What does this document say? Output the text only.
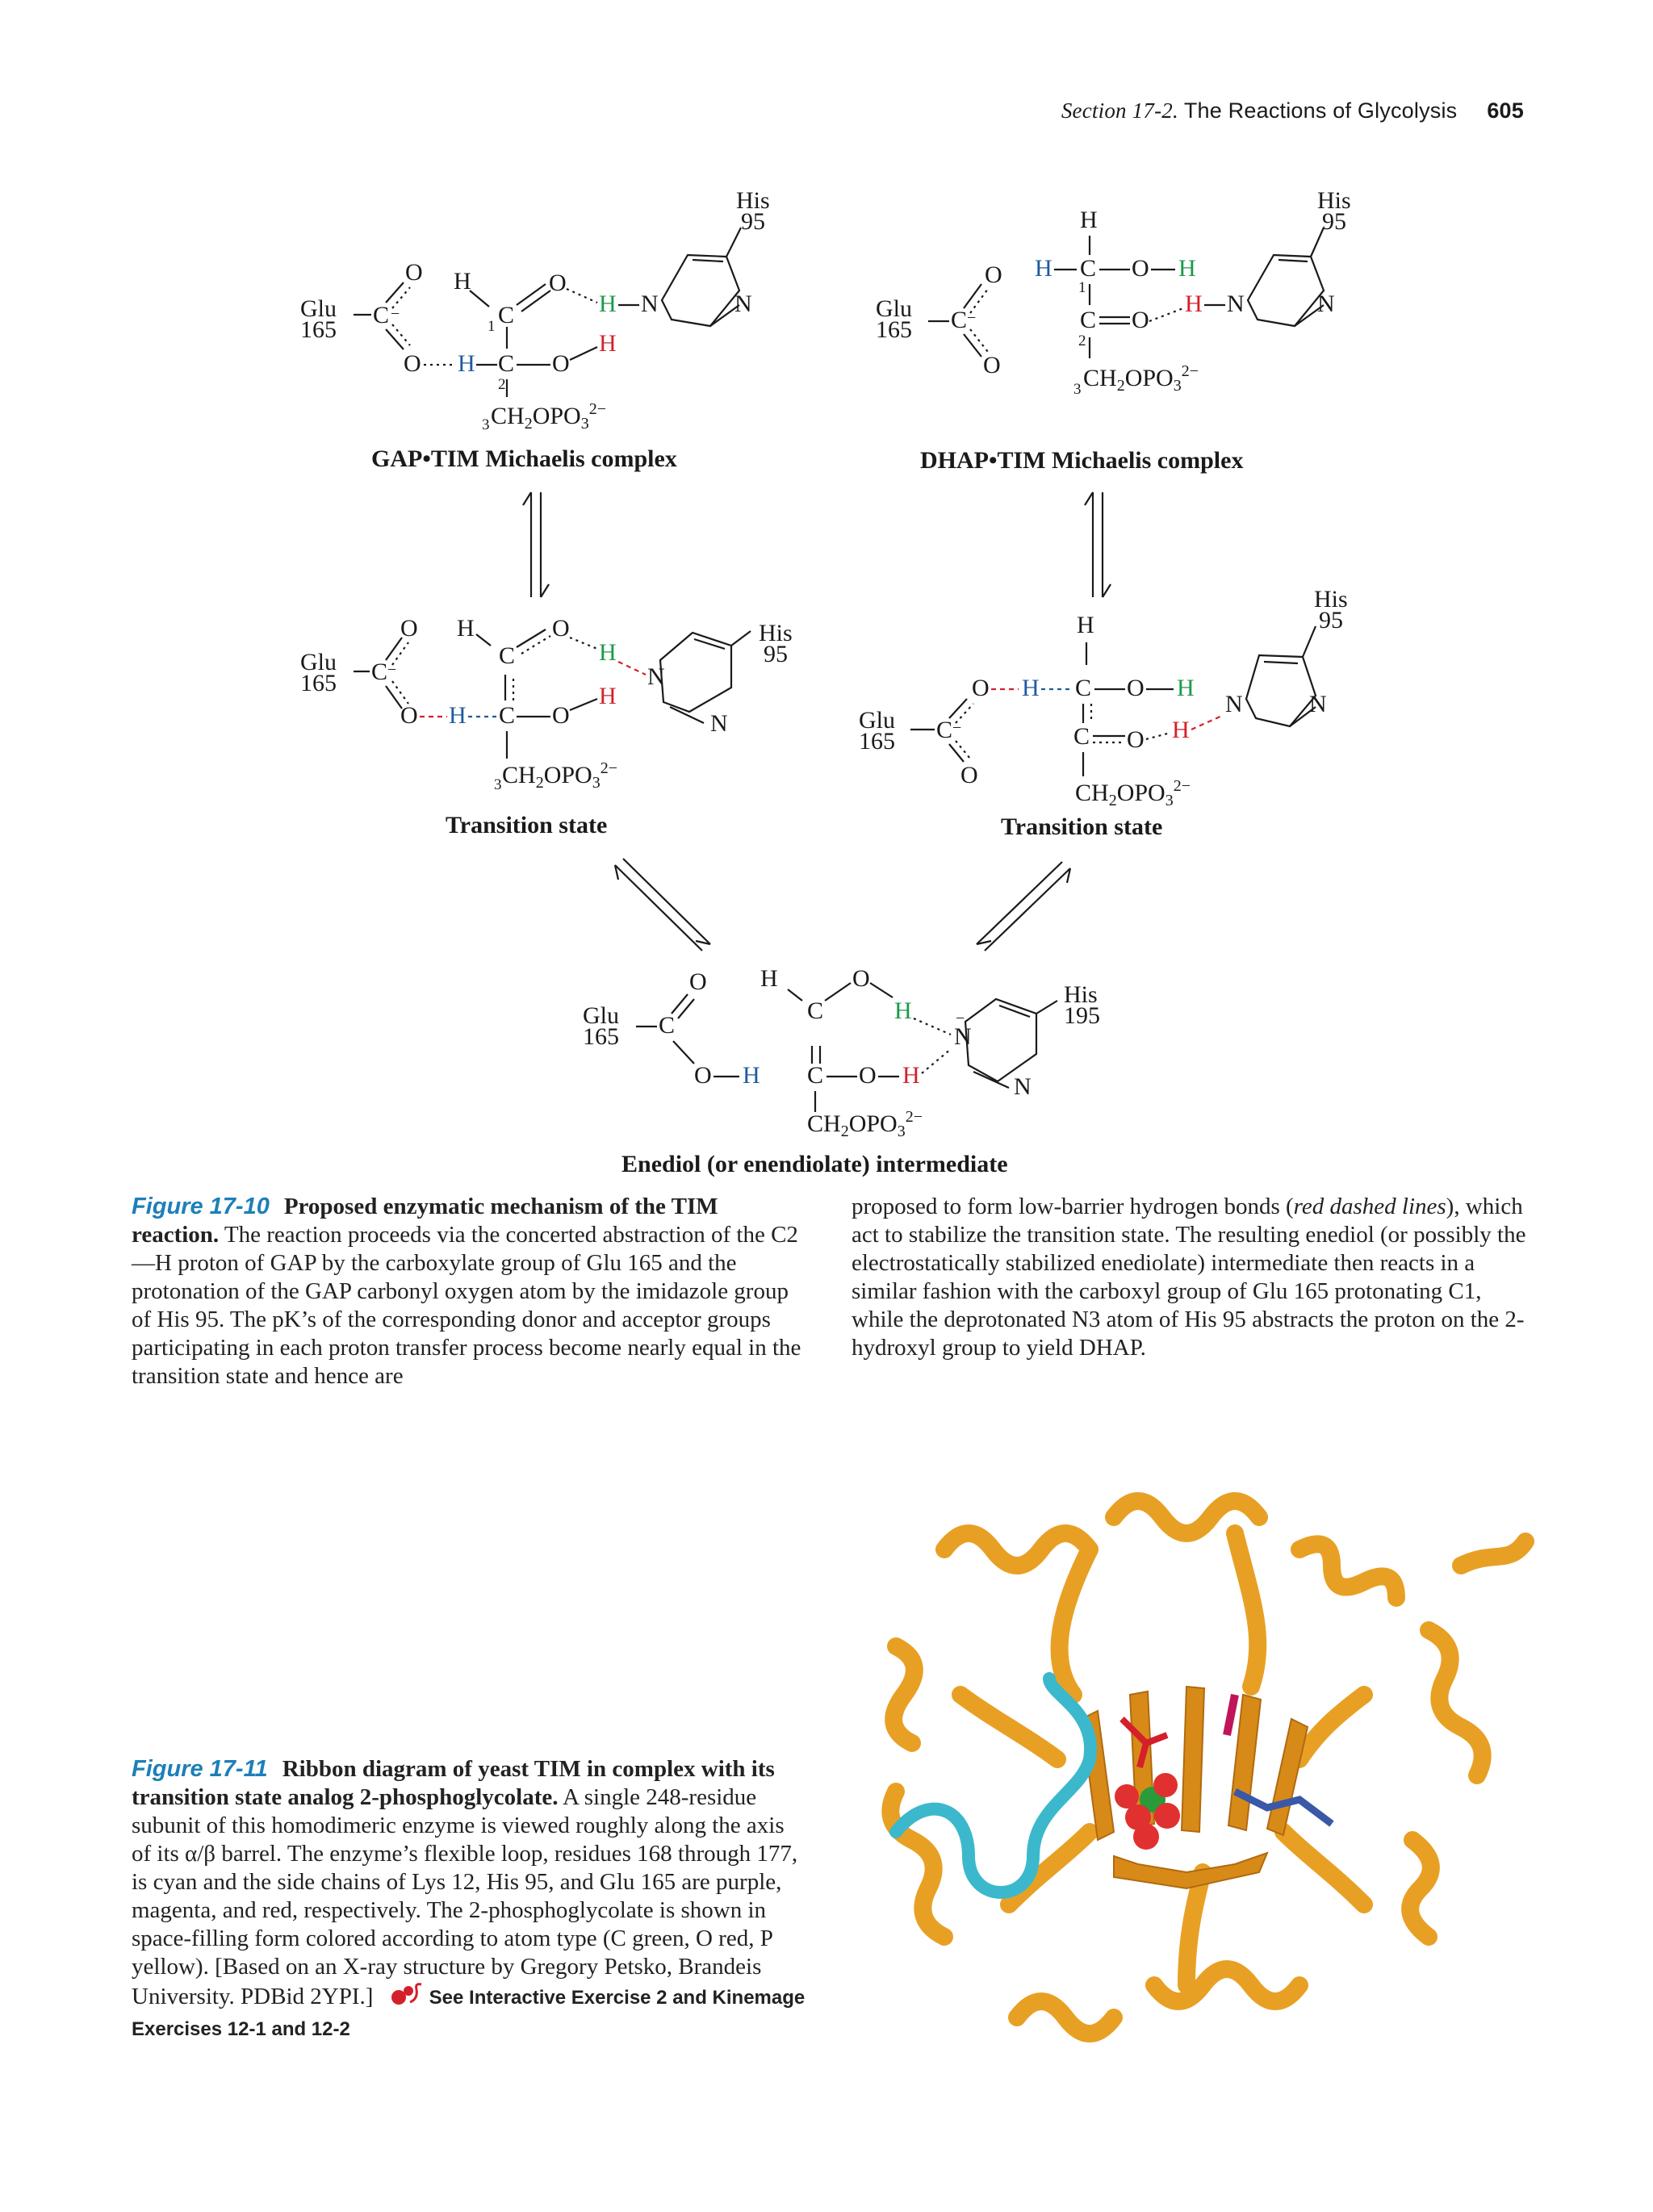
Section 17-2. The Reactions of Glycolysis 605
Glu
165
C −
O
O H C
2
O
H
C
1
H	O
H N	N
His
95
3 $CH_2OPO_3^{2-}$
GAP•TIM Michaelis complex
Glu
165 C −
O
O
H
H C
1
O H
C
2
O
H N	N
His
95
3 $CH_2OPO_3^{2-}$
DHAP•TIM Michaelis complex
Glu
165 C −
O
O H C O
H
C
H	O
H
N
N
His
95
3 $CH_2OPO_3^{2-}$
Transition state
H
O H C O H
C O H
N	N
His
95
Glu
165 C −
O
$CH_2OPO_3^{2-}$
Transition state
Glu
165 C
O
O H C O H
C
H	O
H
N
−
N
His
195
$CH_2OPO_3^{2-}$
Enediol (or enendiolate) intermediate
Figure 17-10 Proposed enzymatic mechanism of the TIM reaction. The reaction proceeds via the concerted abstraction of the C2—H proton of GAP by the carboxylate group of Glu 165 and the protonation of the GAP carbonyl oxygen atom by the imidazole group of His 95. The pK’s of the corresponding donor and acceptor groups participating in each proton transfer process become nearly equal in the transition state and hence are
proposed to form low-barrier hydrogen bonds (red dashed lines), which act to stabilize the transition state. The resulting enediol (or possibly the electrostatically stabilized enediolate) intermediate then reacts in a similar fashion with the carboxyl group of Glu 165 protonating C1, while the deprotonated N3 atom of His 95 abstracts the proton on the 2-hydroxyl group to yield DHAP.
Figure 17-11 Ribbon diagram of yeast TIM in complex with its transition state analog 2-phosphoglycolate. A single 248-residue subunit of this homodimeric enzyme is viewed roughly along the axis of its α/β barrel. The enzyme’s flexible loop, residues 168 through 177, is cyan and the side chains of Lys 12, His 95, and Glu 165 are purple, magenta, and red, respectively. The 2-phosphoglycolate is shown in space-filling form colored according to atom type (C green, O red, P yellow). [Based on an X-ray structure by Gregory Petsko, Brandeis University. PDBid 2YPI.]	See Interactive Exercise 2 and Kinemage Exercises 12-1 and 12-2
